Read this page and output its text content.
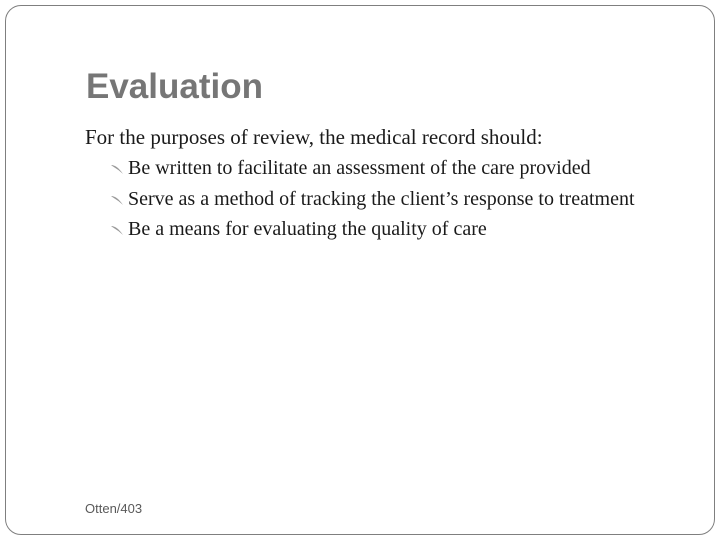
Evaluation

For the purposes of review, the medical record should:

Be written to facilitate an assessment of the care provided
Serve as a method of tracking the client’s response to treatment
Be a means for evaluating the quality of care

Otten/403
